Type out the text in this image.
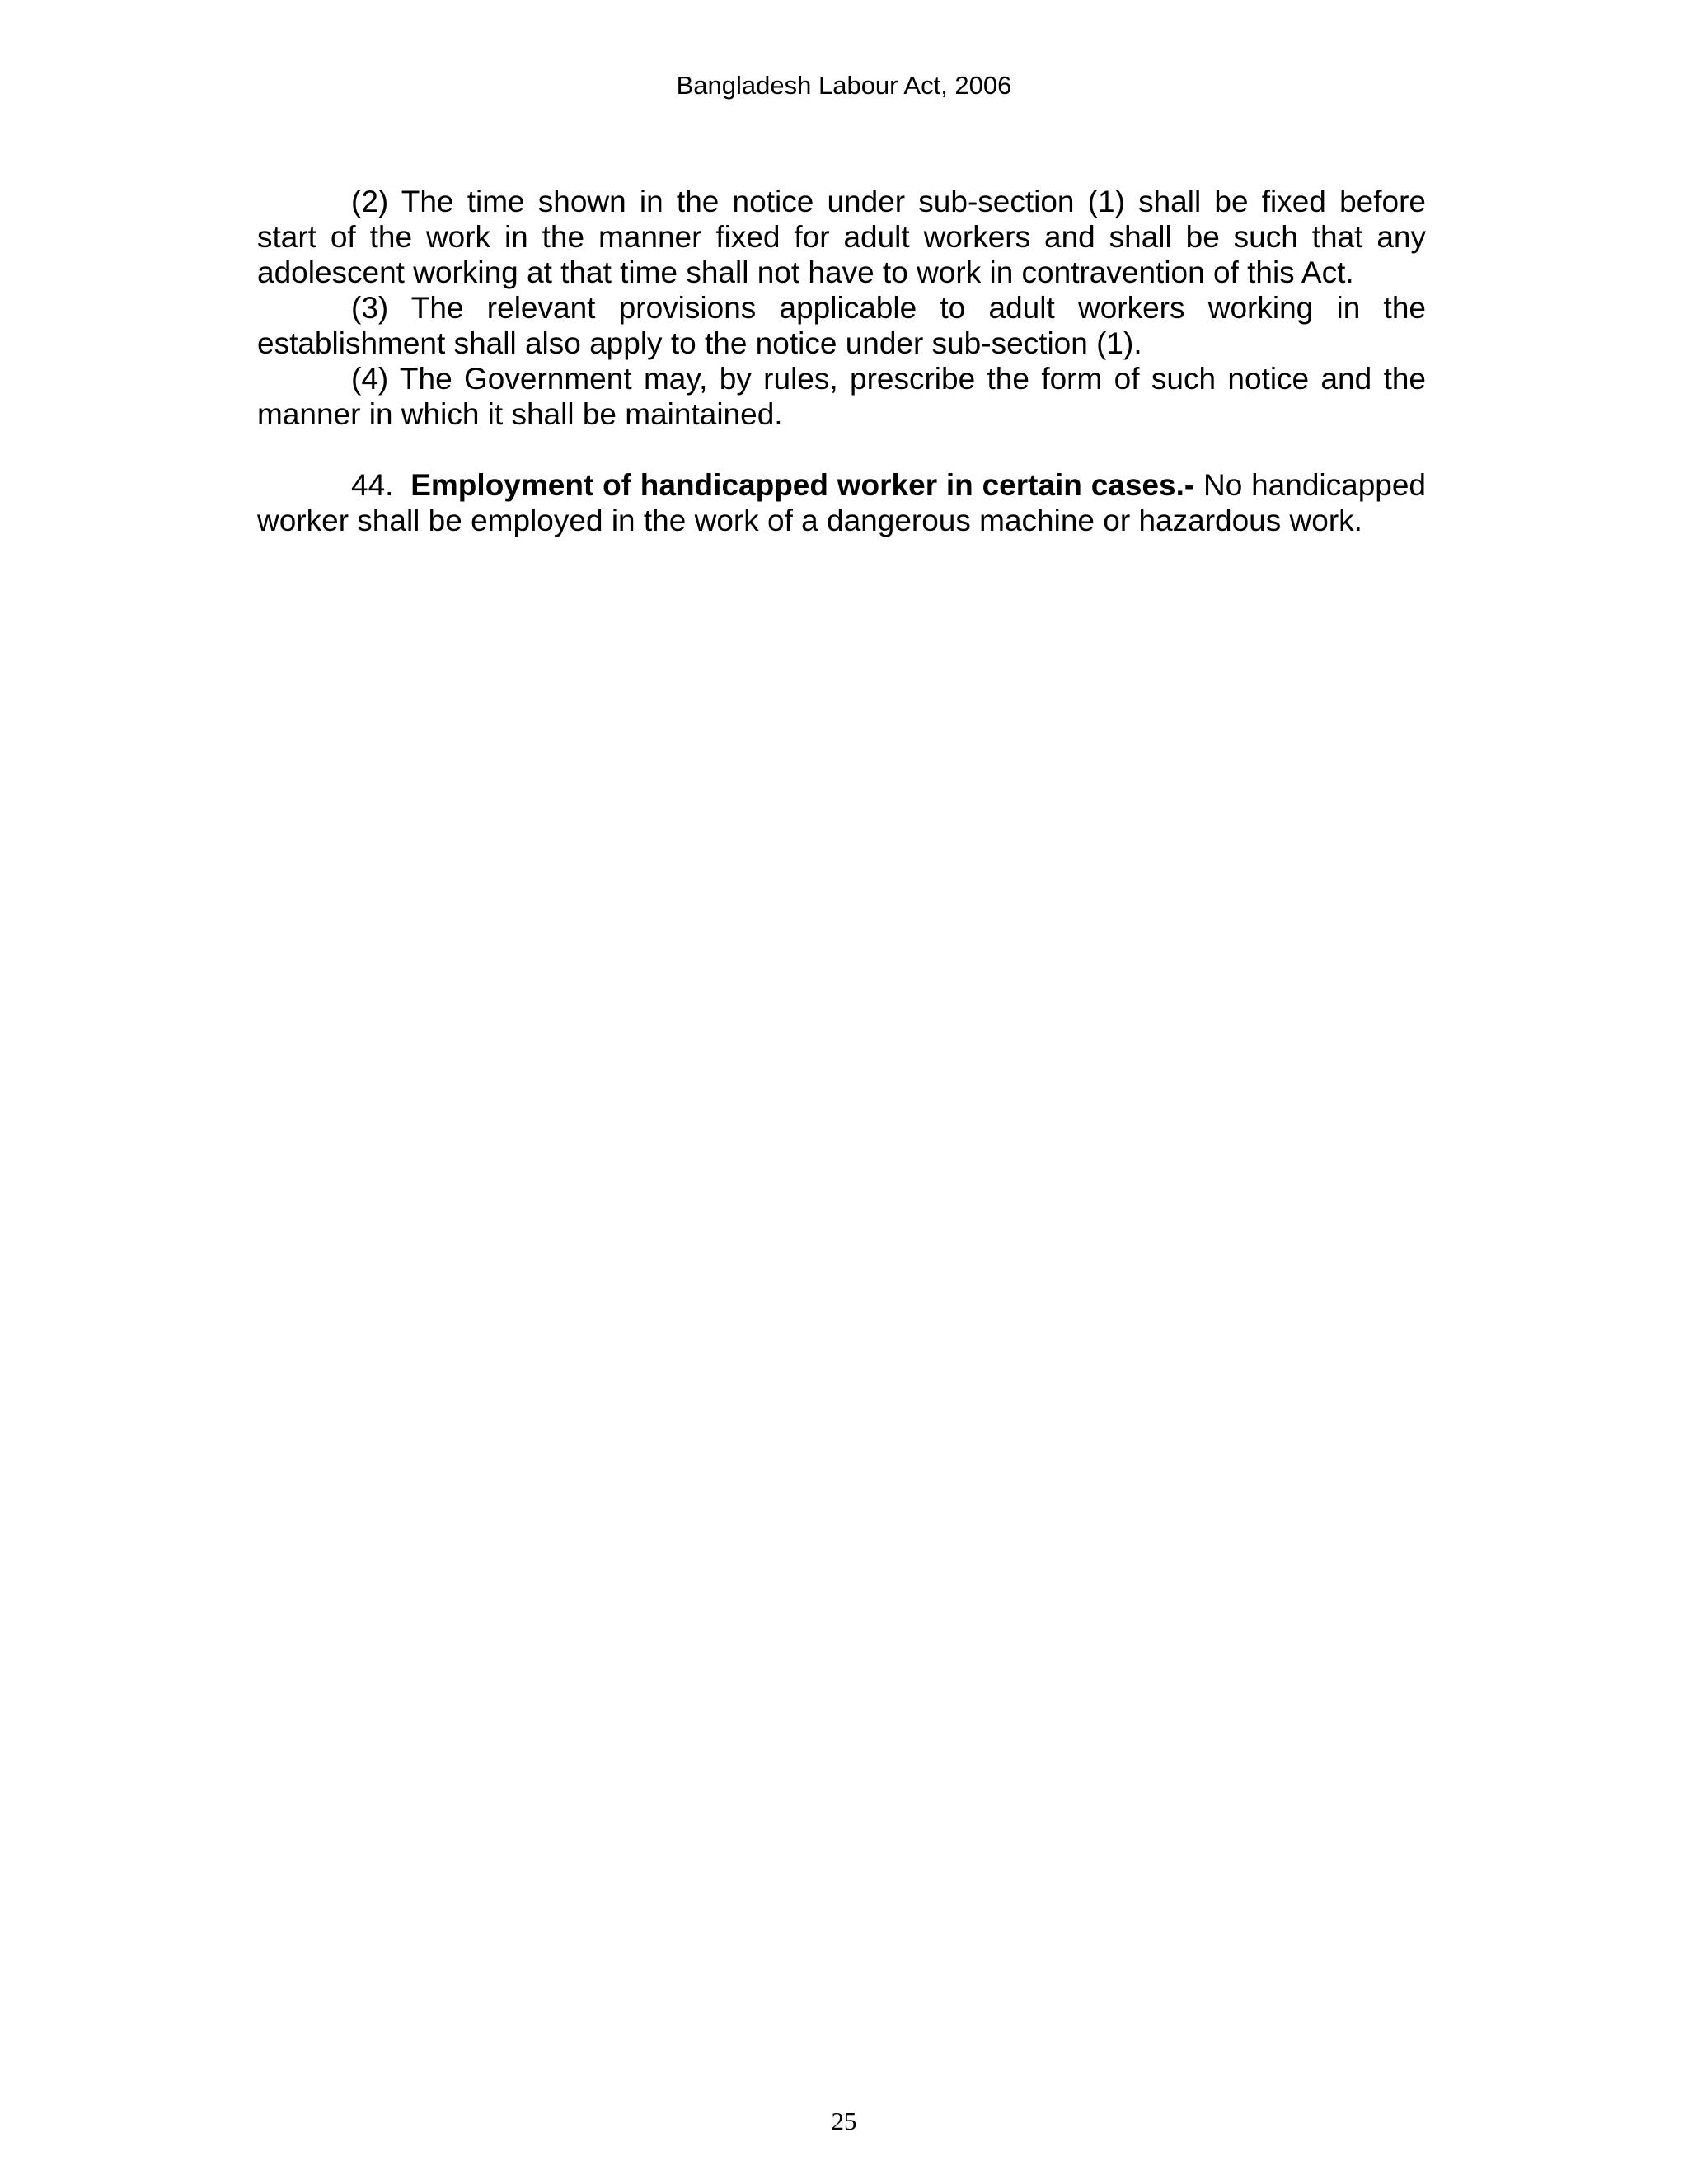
Bangladesh Labour Act, 2006

(2) The time shown in the notice under sub-section (1) shall be fixed before start of the work in the manner fixed for adult workers and shall be such that any adolescent working at that time shall not have to work in contravention of this Act.

(3) The relevant provisions applicable to adult workers working in the establishment shall also apply to the notice under sub-section (1).

(4) The Government may, by rules, prescribe the form of such notice and the manner in which it shall be maintained.

44. Employment of handicapped worker in certain cases.- No handicapped worker shall be employed in the work of a dangerous machine or hazardous work.

25
